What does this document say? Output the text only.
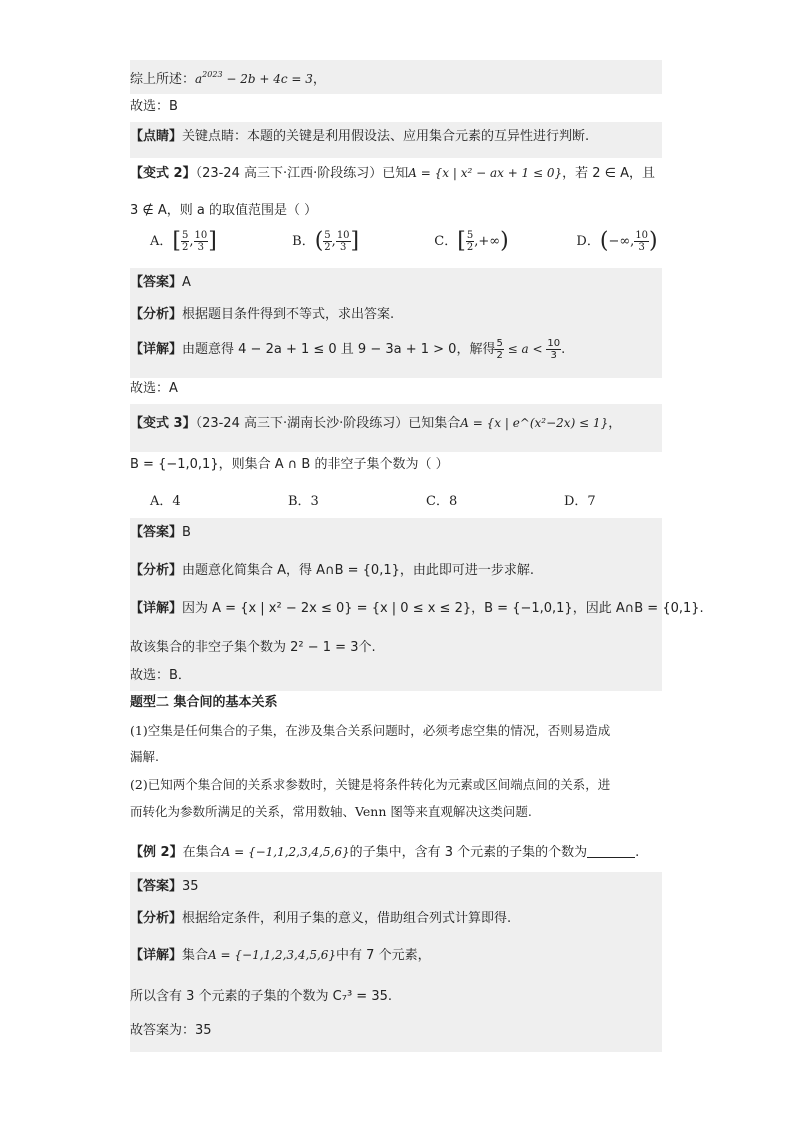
综上所述：$a^{2023} - 2b + 4c = 3$，
故选：B
【点睛】关键点睛：本题的关键是利用假设法、应用集合元素的互异性进行判断.
【变式 2】（23-24 高三下·江西·阶段练习）已知A = {x | x² − ax + 1 ≤ 0}，若 2 ∈ A，且
3 ∉ A，则 a 的取值范围是（ ）
A．[ $\frac{5}{2}$ , $\frac{10}{3}$ ]	B．( $\frac{5}{2}$ , $\frac{10}{3}$ ]	C．[ $\frac{5}{2}$ ,+∞)	D．(−∞, $\frac{10}{3}$ )
【答案】A
【分析】根据题目条件得到不等式，求出答案.
【详解】由题意得 4 − 2a + 1 ≤ 0 且 9 − 3a + 1 > 0，解得 $\frac{5}{2} \le a < \frac{10}{3}$ .
故选：A
【变式 3】（23-24 高三下·湖南长沙·阶段练习）已知集合A = {x | e^(x²−2x) ≤ 1}，
B = {−1,0,1}，则集合 A ∩ B 的非空子集个数为（ ）
A．4	B．3	C．8	D．7
【答案】B
【分析】由题意化简集合 A，得 A∩B = {0,1}，由此即可进一步求解.
【详解】因为 A = {x | x² − 2x ≤ 0} = {x | 0 ≤ x ≤ 2}，B = {−1,0,1}，因此 A∩B = {0,1}.
故该集合的非空子集个数为 2² − 1 = 3个.
故选：B．
题型二 集合间的基本关系
(1)空集是任何集合的子集，在涉及集合关系问题时，必须考虑空集的情况，否则易造成
漏解.
(2)已知两个集合间的关系求参数时，关键是将条件转化为元素或区间端点间的关系，进
而转化为参数所满足的关系，常用数轴、Venn 图等来直观解决这类问题.
【例 2】在集合A = {−1,1,2,3,4,5,6}的子集中，含有 3 个元素的子集的个数为	.
【答案】35
【分析】根据给定条件，利用子集的意义，借助组合列式计算即得.
【详解】集合A = {−1,1,2,3,4,5,6}中有 7 个元素，
所以含有 3 个元素的子集的个数为 C₇³ = 35.
故答案为：35
